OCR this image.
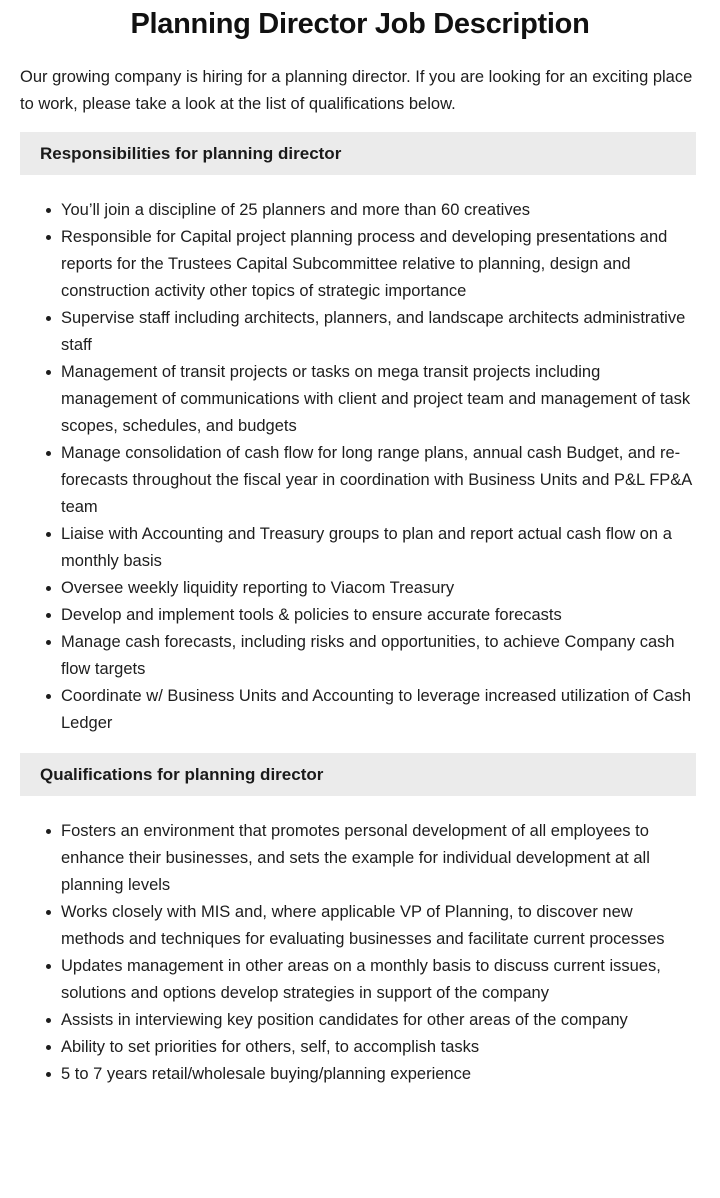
Planning Director Job Description

Our growing company is hiring for a planning director. If you are looking for an exciting place to work, please take a look at the list of qualifications below.

Responsibilities for planning director
You’ll join a discipline of 25 planners and more than 60 creatives
Responsible for Capital project planning process and developing presentations and reports for the Trustees Capital Subcommittee relative to planning, design and construction activity other topics of strategic importance
Supervise staff including architects, planners, and landscape architects administrative staff
Management of transit projects or tasks on mega transit projects including management of communications with client and project team and management of task scopes, schedules, and budgets
Manage consolidation of cash flow for long range plans, annual cash Budget, and re-forecasts throughout the fiscal year in coordination with Business Units and P&L FP&A team
Liaise with Accounting and Treasury groups to plan and report actual cash flow on a monthly basis
Oversee weekly liquidity reporting to Viacom Treasury
Develop and implement tools & policies to ensure accurate forecasts
Manage cash forecasts, including risks and opportunities, to achieve Company cash flow targets
Coordinate w/ Business Units and Accounting to leverage increased utilization of Cash Ledger
Qualifications for planning director
Fosters an environment that promotes personal development of all employees to enhance their businesses, and sets the example for individual development at all planning levels
Works closely with MIS and, where applicable VP of Planning, to discover new methods and techniques for evaluating businesses and facilitate current processes
Updates management in other areas on a monthly basis to discuss current issues, solutions and options develop strategies in support of the company
Assists in interviewing key position candidates for other areas of the company
Ability to set priorities for others, self, to accomplish tasks
5 to 7 years retail/wholesale buying/planning experience
